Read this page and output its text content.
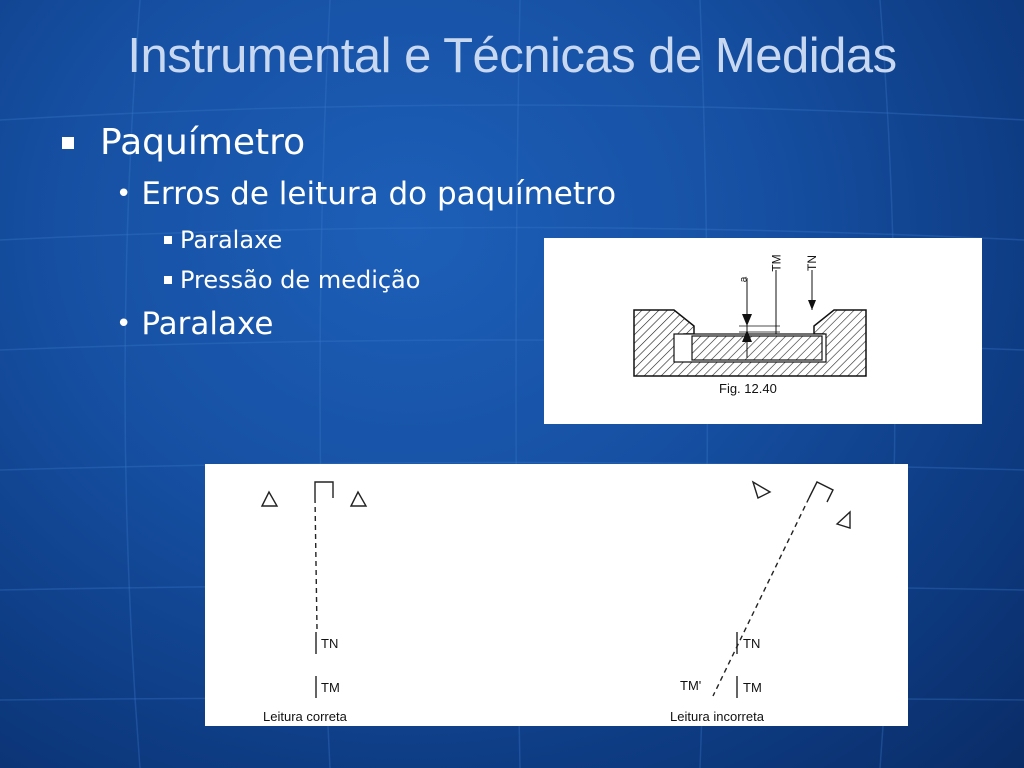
Instrumental e Técnicas de Medidas
Paquímetro
• Erros de leitura do paquímetro
Paralaxe
Pressão de medição
• Paralaxe
TM TN
a
Fig. 12.40
TN
TM
Leitura correta
TN
TM
TM'
Leitura incorreta
